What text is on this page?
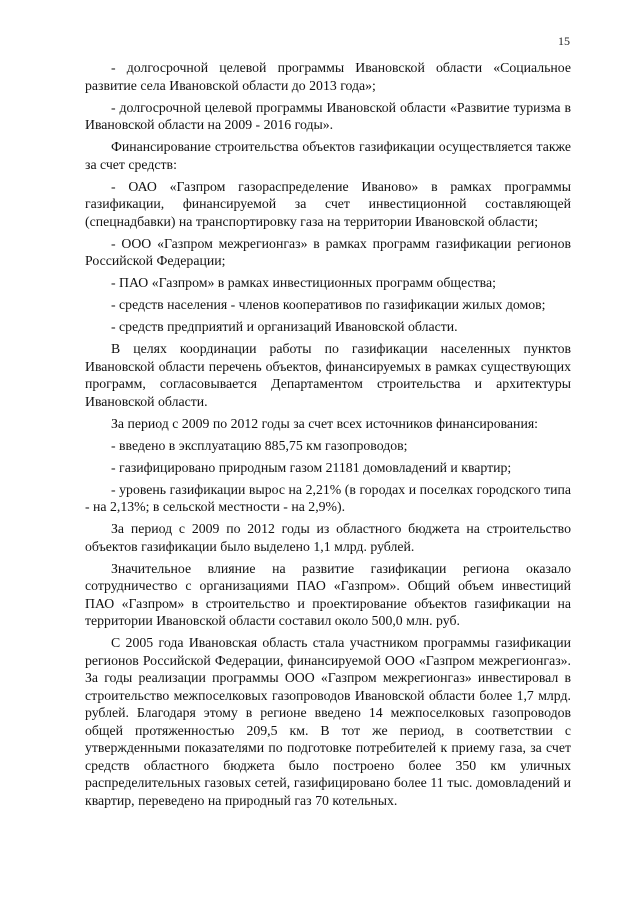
15

- долгосрочной целевой программы Ивановской области «Социальное развитие села Ивановской области до 2013 года»;

- долгосрочной целевой программы Ивановской области «Развитие туризма в Ивановской области на 2009 - 2016 годы».

Финансирование строительства объектов газификации осуществляется также за счет средств:

- ОАО «Газпром газораспределение Иваново» в рамках программы газификации, финансируемой за счет инвестиционной составляющей (спецнадбавки) на транспортировку газа на территории Ивановской области;

- ООО «Газпром межрегионгаз» в рамках программ газификации регионов Российской Федерации;

- ПАО «Газпром» в рамках инвестиционных программ общества;

- средств населения - членов кооперативов по газификации жилых домов;

- средств предприятий и организаций Ивановской области.

В целях координации работы по газификации населенных пунктов Ивановской области перечень объектов, финансируемых в рамках существующих программ, согласовывается Департаментом строительства и архитектуры Ивановской области.

За период с 2009 по 2012 годы за счет всех источников финансирования:

- введено в эксплуатацию 885,75 км газопроводов;

- газифицировано природным газом 21181 домовладений и квартир;

- уровень газификации вырос на 2,21% (в городах и поселках городского типа - на 2,13%; в сельской местности - на 2,9%).

За период с 2009 по 2012 годы из областного бюджета на строительство объектов газификации было выделено 1,1 млрд. рублей.

Значительное влияние на развитие газификации региона оказало сотрудничество с организациями ПАО «Газпром». Общий объем инвестиций ПАО «Газпром» в строительство и проектирование объектов газификации на территории Ивановской области составил около 500,0 млн. руб.

С 2005 года Ивановская область стала участником программы газификации регионов Российской Федерации, финансируемой ООО «Газпром межрегионгаз». За годы реализации программы ООО «Газпром межрегионгаз» инвестировал в строительство межпоселковых газопроводов Ивановской области более 1,7 млрд. рублей. Благодаря этому в регионе введено 14 межпоселковых газопроводов общей протяженностью 209,5 км. В тот же период, в соответствии с утвержденными показателями по подготовке потребителей к приему газа, за счет средств областного бюджета было построено более 350 км уличных распределительных газовых сетей, газифицировано более 11 тыс. домовладений и квартир, переведено на природный газ 70 котельных.
